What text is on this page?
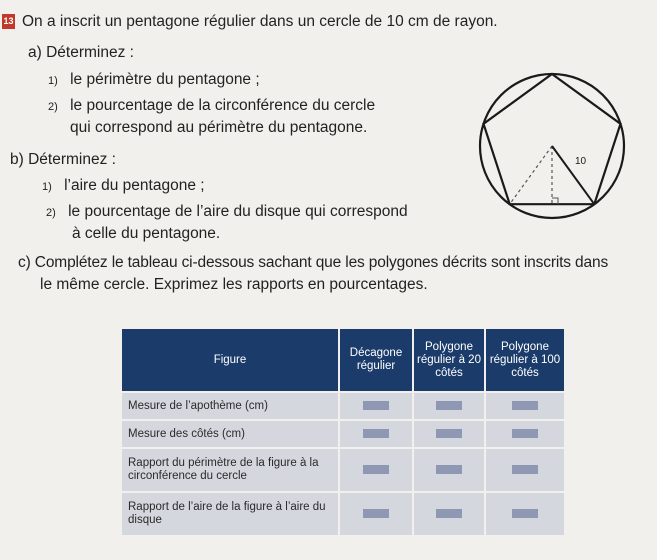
13 On a inscrit un pentagone régulier dans un cercle de 10 cm de rayon.
a) Déterminez :
1) le périmètre du pentagone ;
2) le pourcentage de la circonférence du cercle
qui correspond au périmètre du pentagone.
b) Déterminez :
1) l’aire du pentagone ;
2) le pourcentage de l’aire du disque qui correspond
à celle du pentagone.
c) Complétez le tableau ci-dessous sachant que les polygones décrits sont inscrits dans
le même cercle. Exprimez les rapports en pourcentages.
10
Figure	Décagone régulier	Polygone régulier à 20 côtés	Polygone régulier à 100 côtés
Mesure de l’apothème (cm)			
Mesure des côtés (cm)			
Rapport du périmètre de la figure à la circonférence du cercle			
Rapport de l’aire de la figure à l’aire du disque			
